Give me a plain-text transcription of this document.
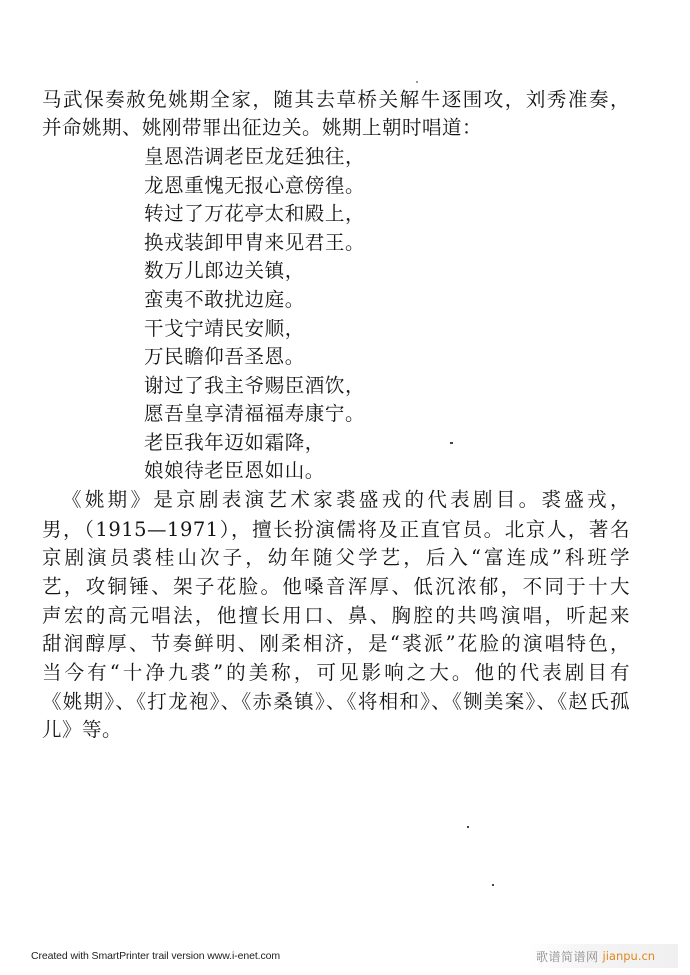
马武保奏赦免姚期全家，随其去草桥关解牛逐围攻，刘秀准奏，
并命姚期、姚刚带罪出征边关。姚期上朝时唱道：
皇恩浩调老臣龙廷独往，
龙恩重愧无报心意傍徨。
转过了万花亭太和殿上，
换戎装卸甲胄来见君王。
数万儿郎边关镇，
蛮夷不敢扰边庭。
干戈宁靖民安顺，
万民瞻仰吾圣恩。
谢过了我主爷赐臣酒饮，
愿吾皇享清福福寿康宁。
老臣我年迈如霜降，
娘娘待老臣恩如山。
《姚期》是京剧表演艺术家裘盛戎的代表剧目。裘盛戎，
男，（1915—1971），擅长扮演儒将及正直官员。北京人，著名
京剧演员裘桂山次子，幼年随父学艺，后入“富连成”科班学
艺，攻铜锤、架子花脸。他嗓音浑厚、低沉浓郁，不同于十大
声宏的高元唱法，他擅长用口、鼻、胸腔的共鸣演唱，听起来
甜润醇厚、节奏鲜明、刚柔相济，是“裘派”花脸的演唱特色，
当今有“十净九裘”的美称，可见影响之大。他的代表剧目有
《姚期》、《打龙袍》、《赤桑镇》、《将相和》、《铡美案》、《赵氏孤
儿》等。
Created with SmartPrinter trail version www.i-enet.com	歌谱简谱网 jianpu.cn
